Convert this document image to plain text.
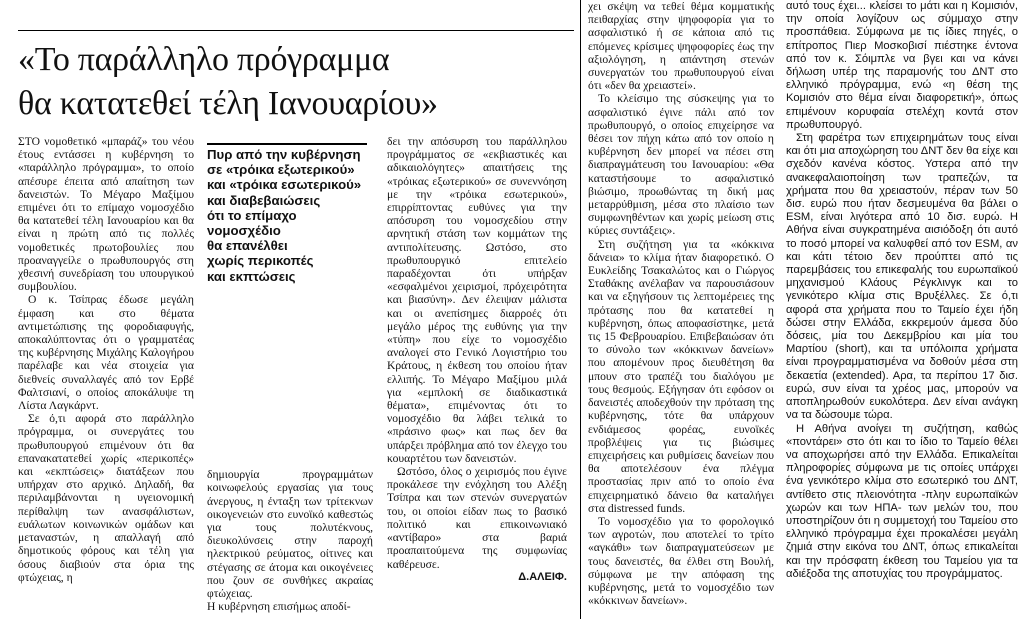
«Το παράλληλο πρόγραμμα
θα κατατεθεί τέλη Ιανουαρίου»

ΣΤΟ νομοθετικό «μπαράζ» του νέου έτους εντάσσει η κυβέρνηση το «παράλληλο πρόγραμμα», το οποίο απέσυρε έπειτα από απαίτηση των δανειστών. Το Μέγαρο Μαξίμου επιμένει ότι το επίμαχο νομοσχέδιο θα κατατεθεί τέλη Ιανουαρίου και θα είναι η πρώτη από τις πολλές νομοθετικές πρωτοβουλίες που προαναγγείλε ο πρωθυπουργός στη χθεσινή συνεδρίαση του υπουργικού συμβουλίου.

Ο κ. Τσίπρας έδωσε μεγάλη έμφαση και στο θέματα αντιμετώπισης της φοροδιαφυγής, αποκαλύπτοντας ότι ο γραμματέας της κυβέρνησης Μιχάλης Καλογήρου παρέλαβε και νέα στοιχεία για διεθνείς συναλλαγές από τον Ερβέ Φαλτσιανί, ο οποίος αποκάλυψε τη Λίστα Λαγκάρντ.

Σε ό,τι αφορά στο παράλληλο πρόγραμμα, οι συνεργάτες του πρωθυπουργού επιμένουν ότι θα επανακατατεθεί χωρίς «περικοπές» και «εκπτώσεις» διατάξεων που υπήρχαν στο αρχικό. Δηλαδή, θα περιλαμβάνονται η υγειονομική περίθαλψη των ανασφάλιστων, ευάλωτων κοινωνικών ομάδων και μεταναστών, η απαλλαγή από δημοτικούς φόρους και τέλη για όσους διαβιούν στα όρια της φτώχειας, η

Πυρ από την κυβέρνηση
σε «τρόικα εξωτερικού»
και «τρόικα εσωτερικού»
και διαβεβαιώσεις
ότι το επίμαχο νομοσχέδιο
θα επανέλθει
χωρίς περικοπές
και εκπτώσεις

δημιουργία προγραμμάτων κοινωφελούς εργασίας για τους άνεργους, η ένταξη των τρίτεκνων οικογενειών στο ευνοϊκό καθεστώς για τους πολυτέκνους, διευκολύνσεις στην παροχή ηλεκτρικού ρεύματος, οίτινες και στέγασης σε άτομα και οικογένειες που ζουν σε συνθήκες ακραίας φτώχειας.
Η κυβέρνηση επισήμως αποδί-

δει την απόσυρση του παράλληλου προγράμματος σε «εκβιαστικές και αδικαιολόγητες» απαιτήσεις της «τρόικας εξωτερικού» σε συνεννόηση με την «τρόικα εσωτερικού», επιρρίπτοντας ευθύνες για την απόσυρση του νομοσχεδίου στην αρνητική στάση των κομμάτων της αντιπολίτευσης. Ωστόσο, στο πρωθυπουργικό επιτελείο παραδέχονται ότι υπήρξαν «εσφαλμένοι χειρισμοί, πρόχειρότητα και βιασύνη». Δεν έλειψαν μάλιστα και οι ανεπίσημες διαρροές ότι μεγάλο μέρος της ευθύνης για την «τύπη» που είχε το νομοσχέδιο αναλογεί στο Γενικό Λογιστήριο του Κράτους, η έκθεση του οποίου ήταν ελλιπής. Το Μέγαρο Μαξίμου μιλά για «εμπλοκή σε διαδικαστικά θέματα», επιμένοντας ότι το νομοσχέδιο θα λάβει τελικά το «πράσινο φως» και πως δεν θα υπάρξει πρόβλημα από τον έλεγχο του κουαρτέτου των δανειστών.

Ωστόσο, όλος ο χειρισμός που έγινε προκάλεσε την ενόχληση του Αλέξη Τσίπρα και των στενών συνεργατών του, οι οποίοι είδαν πως το βασικό πολιτικό και επικοινωνιακό «αντίβαρο» στα βαριά προαπαιτούμενα της συμφωνίας καθέρευσε.

Δ.ΑΛΕΙΦ.

χει σκέψη να τεθεί θέμα κομματικής πειθαρχίας στην ψηφοφορία για το ασφαλιστικό ή σε κάποια από τις επόμενες κρίσιμες ψηφοφορίες έως την αξιολόγηση, η απάντηση στενών συνεργατών του πρωθυπουργού είναι ότι «δεν θα χρειαστεί».

Το κλείσιμο της σύσκεψης για το ασφαλιστικό έγινε πάλι από τον πρωθυπουργό, ο οποίος επιχείρησε να θέσει τον πήχη κάτω από τον οποίο η κυβέρνηση δεν μπορεί να πέσει στη διαπραγμάτευση του Ιανουαρίου: «Θα καταστήσουμε το ασφαλιστικό βιώσιμο, προωθώντας τη δική μας μεταρρύθμιση, μέσα στο πλαίσιο των συμφωνηθέντων και χωρίς μείωση στις κύριες συντάξεις».

Στη συζήτηση για τα «κόκκινα δάνεια» το κλίμα ήταν διαφορετικό. Ο Ευκλείδης Τσακαλώτος και ο Γιώργος Σταθάκης ανέλαβαν να παρουσιάσουν και να εξηγήσουν τις λεπτομέρειες της πρότασης που θα κατατεθεί η κυβέρνηση, όπως αποφασίστηκε, μετά τις 15 Φεβρουαρίου. Επιβεβαιώσαν ότι το σύνολο των «κόκκινων δανείων» που απομένουν προς διευθέτηση θα μπουν στο τραπέζι του διαλόγου με τους θεσμούς. Εξήγησαν ότι εφόσον οι δανειστές αποδεχθούν την πρόταση της κυβέρνησης, τότε θα υπάρχουν ενδιάμεσος φορέας, ευνοϊκές προβλέψεις για τις βιώσιμες επιχειρήσεις και ρυθμίσεις δανείων που θα αποτελέσουν ένα πλέγμα προστασίας πριν από το οποίο ένα επιχειρηματικό δάνειο θα καταλήγει στα distressed funds.

Το νομοσχέδιο για το φορολογικό των αγροτών, που αποτελεί το τρίτο «αγκάθι» των διαπραγματεύσεων με τους δανειστές, θα έλθει στη Βουλή, σύμφωνα με την απόφαση της κυβέρνησης, μετά το νομοσχέδιο των «κόκκινων δανείων».

αυτό τους έχει... κλείσει το μάτι και η Κομισιόν, την οποία λογίζουν ως σύμμαχο στην προσπάθεια. Σύμφωνα με τις ίδιες πηγές, ο επίτροπος Πιερ Μοσκοβισί πιέστηκε έντονα από τον κ. Σόιμπλε να βγει και να κάνει δήλωση υπέρ της παραμονής του ΔΝΤ στο ελληνικό πρόγραμμα, ενώ «η θέση της Κομισιόν στο θέμα είναι διαφορετική», όπως επιμένουν κορυφαία στελέχη κοντά στον πρωθυπουργό.

Στη φαρέτρα των επιχειρημάτων τους είναι και ότι μια αποχώρηση του ΔΝΤ δεν θα είχε και σχεδόν κανένα κόστος. Υστερα από την ανακεφαλαιοποίηση των τραπεζών, τα χρήματα που θα χρειαστούν, πέραν των 50 δισ. ευρώ που ήταν δεσμευμένα θα βάλει ο ESM, είναι λιγότερα από 10 δισ. ευρώ. Η Αθήνα είναι συγκρατημένα αισιόδοξη ότι αυτό το ποσό μπορεί να καλυφθεί από τον ESM, αν και κάτι τέτοιο δεν προύπτει από τις παρεμβάσεις του επικεφαλής του ευρωπαϊκού μηχανισμού Κλάους Ρέγκλινγκ και το γενικότερο κλίμα στις Βρυξέλλες. Σε ό,τι αφορά στα χρήματα που το Ταμείο έχει ήδη δώσει στην Ελλάδα, εκκρεμούν άμεσα δύο δόσεις, μία του Δεκεμβρίου και μία του Μαρτίου (short), και τα υπόλοιπα χρήματα είναι προγραμματισμένα να δοθούν μέσα στη δεκαετία (extended). Αρα, τα περίπου 17 δισ. ευρώ, συν είναι τα χρέος μας, μπορούν να αποπληρωθούν ευκολότερα. Δεν είναι ανάγκη να τα δώσουμε τώρα.

Η Αθήνα ανοίγει τη συζήτηση, καθώς «ποντάρει» στο ότι και το ίδιο το Ταμείο θέλει να αποχωρήσει από την Ελλάδα. Επικαλείται πληροφορίες σύμφωνα με τις οποίες υπάρχει ένα γενικότερο κλίμα στο εσωτερικό του ΔΝΤ, αντίθετο στις πλειονότητα -πλην ευρωπαϊκών χωρών και των ΗΠΑ- των μελών του, που υποστηρίζουν ότι η συμμετοχή του Ταμείου στο ελληνικό πρόγραμμα έχει προκαλέσει μεγάλη ζημιά στην εικόνα του ΔΝΤ, όπως επικαλείται και την πρόσφατη έκθεση του Ταμείου για τα αδιέξοδα της αποτυχίας του προγράμματος.
